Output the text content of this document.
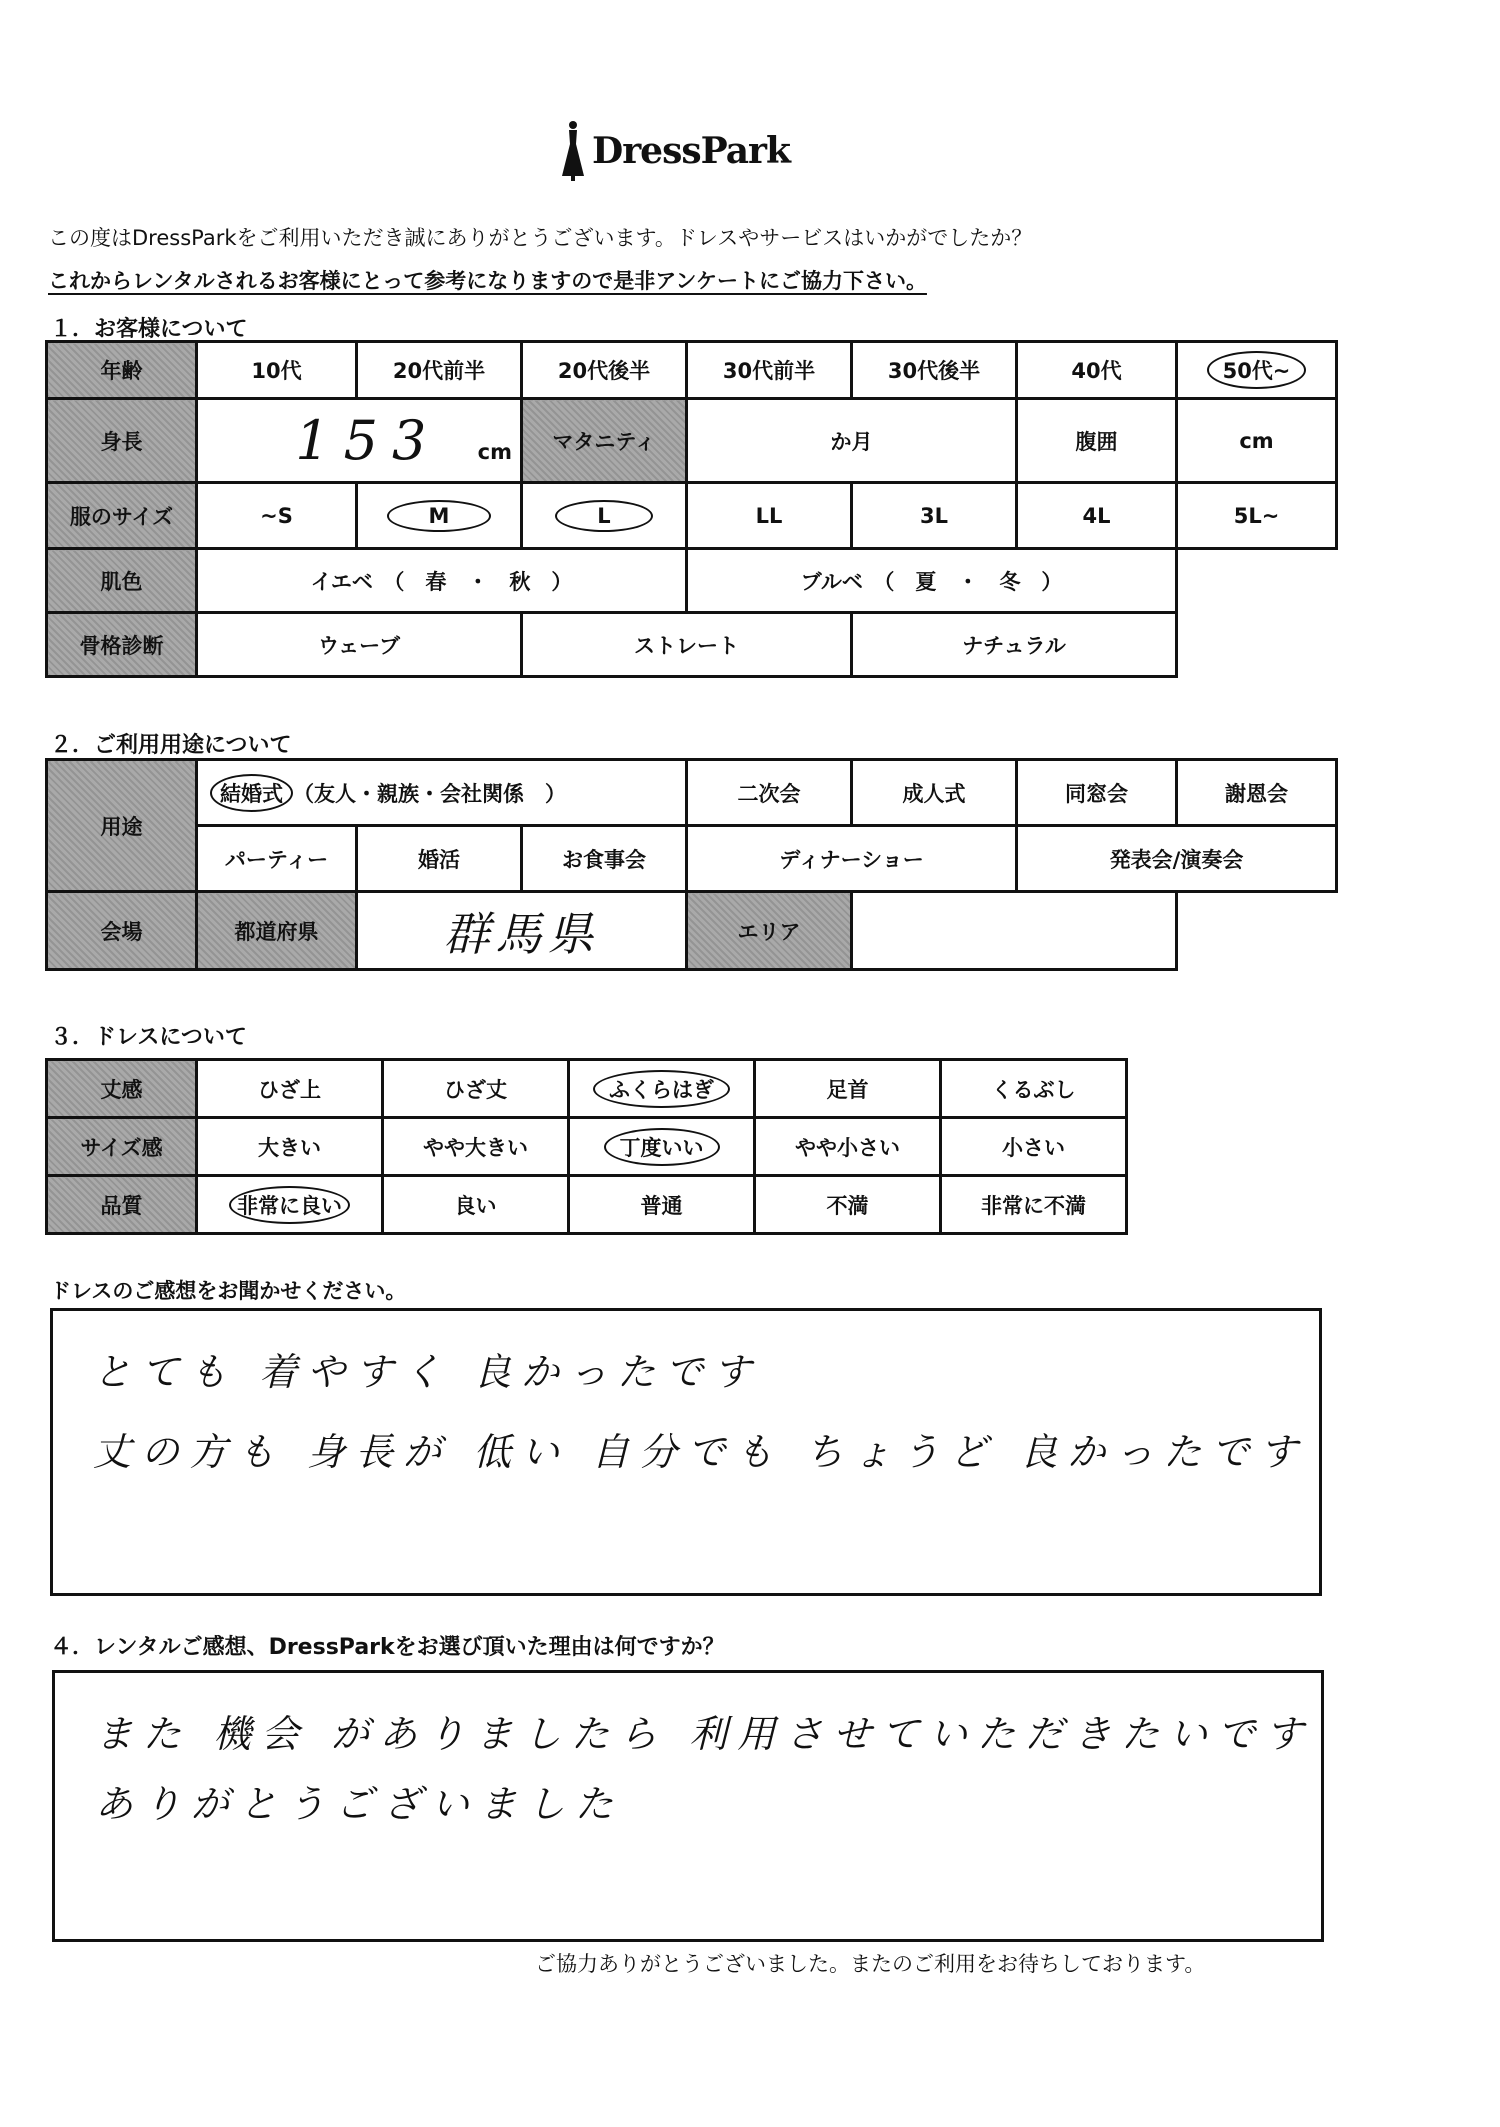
DressPark
この度はDressParkをご利用いただき誠にありがとうございます。ドレスやサービスはいかがでしたか？
これからレンタルされるお客様にとって参考になりますので是非アンケートにご協力下さい。
１．お客様について
年齢	10代	20代前半	20代後半	30代前半	30代後半	40代	50代~
身長	153 cm		マタニティ	か月		腹囲	cm
服のサイズ	~S	M	L	LL	3L	4L	5L~
肌色	イエベ　（　春　・　秋　）			ブルベ　（　夏　・　冬　）			
骨格診断	ウェーブ		ストレート		ナチュラル		
２．ご利用用途について
用途	結婚式 （友人・親族・会社関係　）			二次会	成人式	同窓会	謝恩会
	パーティー	婚活	お食事会	ディナーショー		発表会/演奏会	
会場	都道府県	群馬県		エリア			
３．ドレスについて
丈感	ひざ上	ひざ丈	ふくらはぎ	足首	くるぶし
サイズ感	大きい	やや大きい	丁度いい	やや小さい	小さい
品質	非常に良い	良い	普通	不満	非常に不満
ドレスのご感想をお聞かせください。
とても 着やすく 良かったです
丈の方も 身長が 低い 自分でも ちょうど 良かったです
４．レンタルご感想、DressParkをお選び頂いた理由は何ですか？
また 機会 がありましたら 利用させていただきたいです
ありがとうございました
ご協力ありがとうございました。またのご利用をお待ちしております。
